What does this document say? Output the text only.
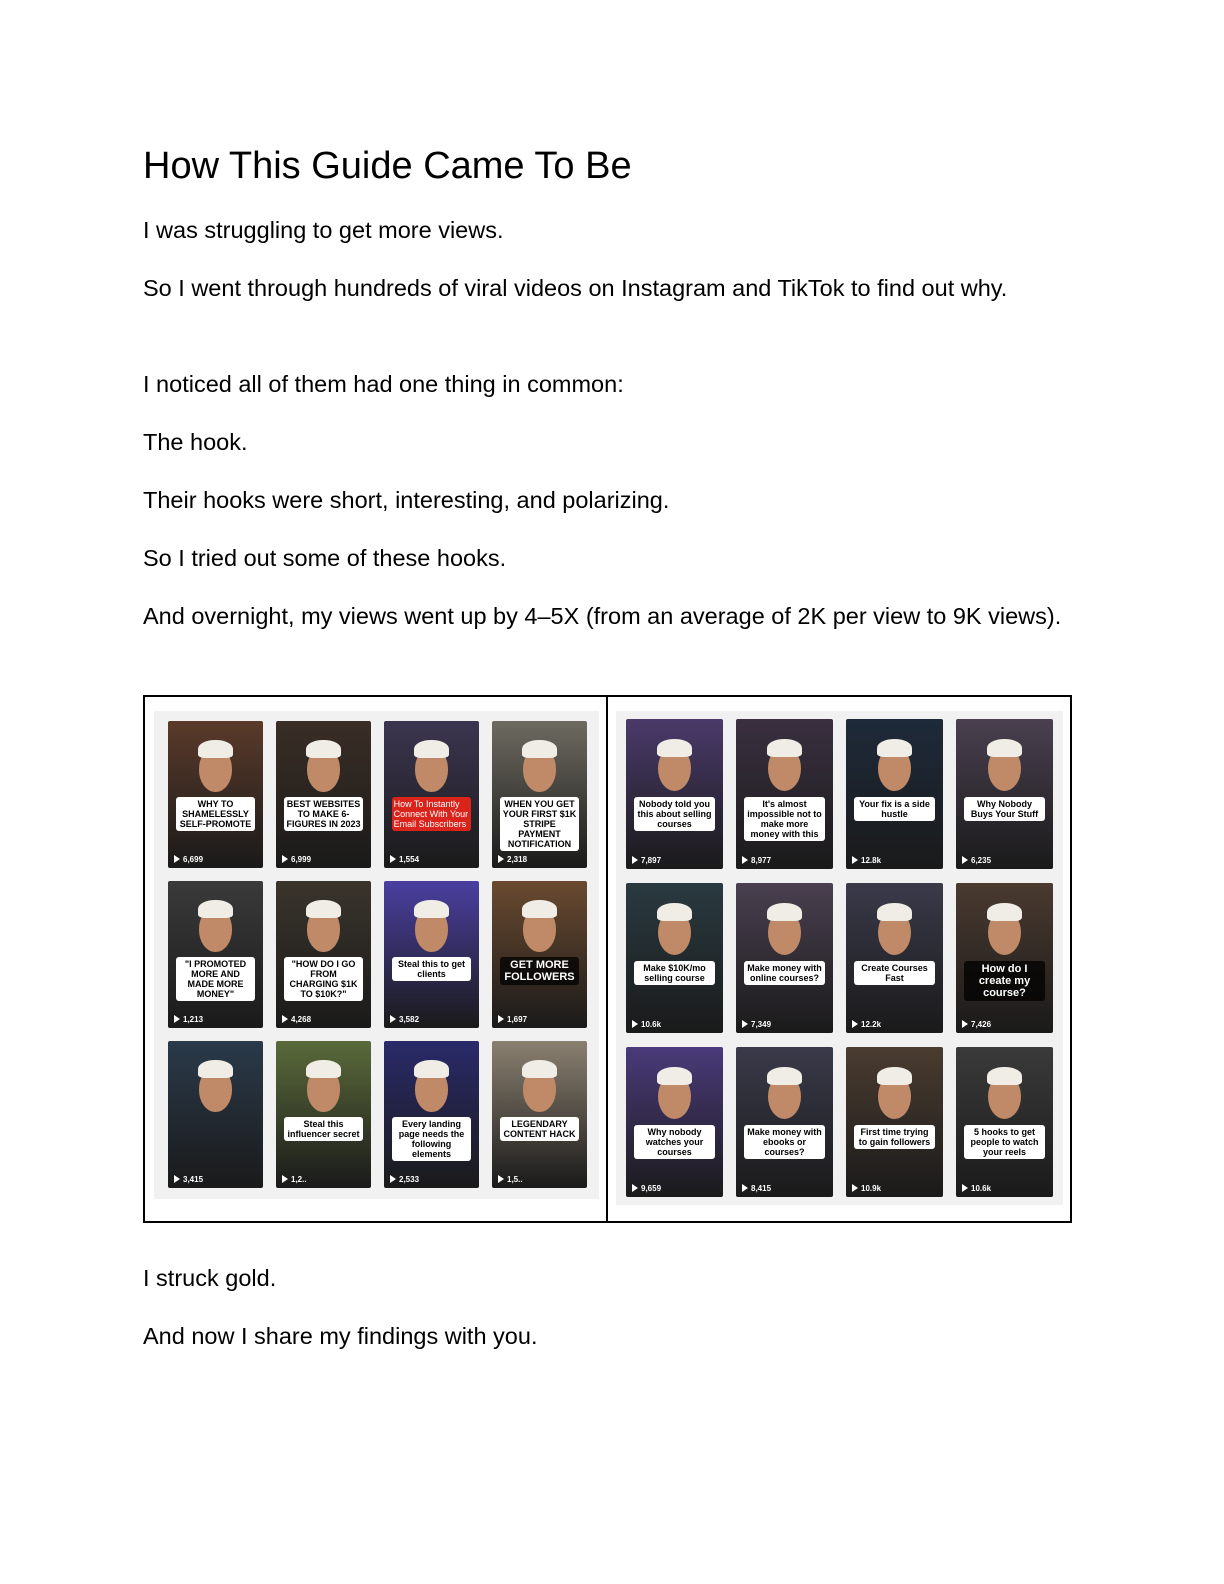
How This Guide Came To Be

I was struggling to get more views.

So I went through hundreds of viral videos on Instagram and TikTok to find out why.

I noticed all of them had one thing in common:

The hook.

Their hooks were short, interesting, and polarizing.

So I tried out some of these hooks.

And overnight, my views went up by 4–5X (from an average of 2K per view to 9K views).

WHY TO SHAMELESSLY SELF-PROMOTE
6,699
BEST WEBSITES TO MAKE 6-FIGURES IN 2023
6,999
How To Instantly Connect With Your Email Subscribers
1,554
WHEN YOU GET YOUR FIRST $1K STRIPE PAYMENT NOTIFICATION
2,318
"I PROMOTED MORE AND MADE MORE MONEY"
1,213
"HOW DO I GO FROM CHARGING $1K TO $10K?"
4,268
Steal this to get clients
3,582
GET MORE FOLLOWERS
1,697
3,415
Steal this influencer secret
1,2..
Every landing page needs the following elements
2,533
LEGENDARY CONTENT HACK
1,5..
Nobody told you this about selling courses
7,897
It's almost impossible not to make more money with this
8,977
Your fix is a side hustle
12.8k
Why Nobody Buys Your Stuff
6,235
Make $10K/mo selling course
10.6k
Make money with online courses?
7,349
Create Courses Fast
12.2k
How do I create my course?
7,426
Why nobody watches your courses
9,659
Make money with ebooks or courses?
8,415
First time trying to gain followers
10.9k
5 hooks to get people to watch your reels
10.6k

I struck gold.

And now I share my findings with you.
